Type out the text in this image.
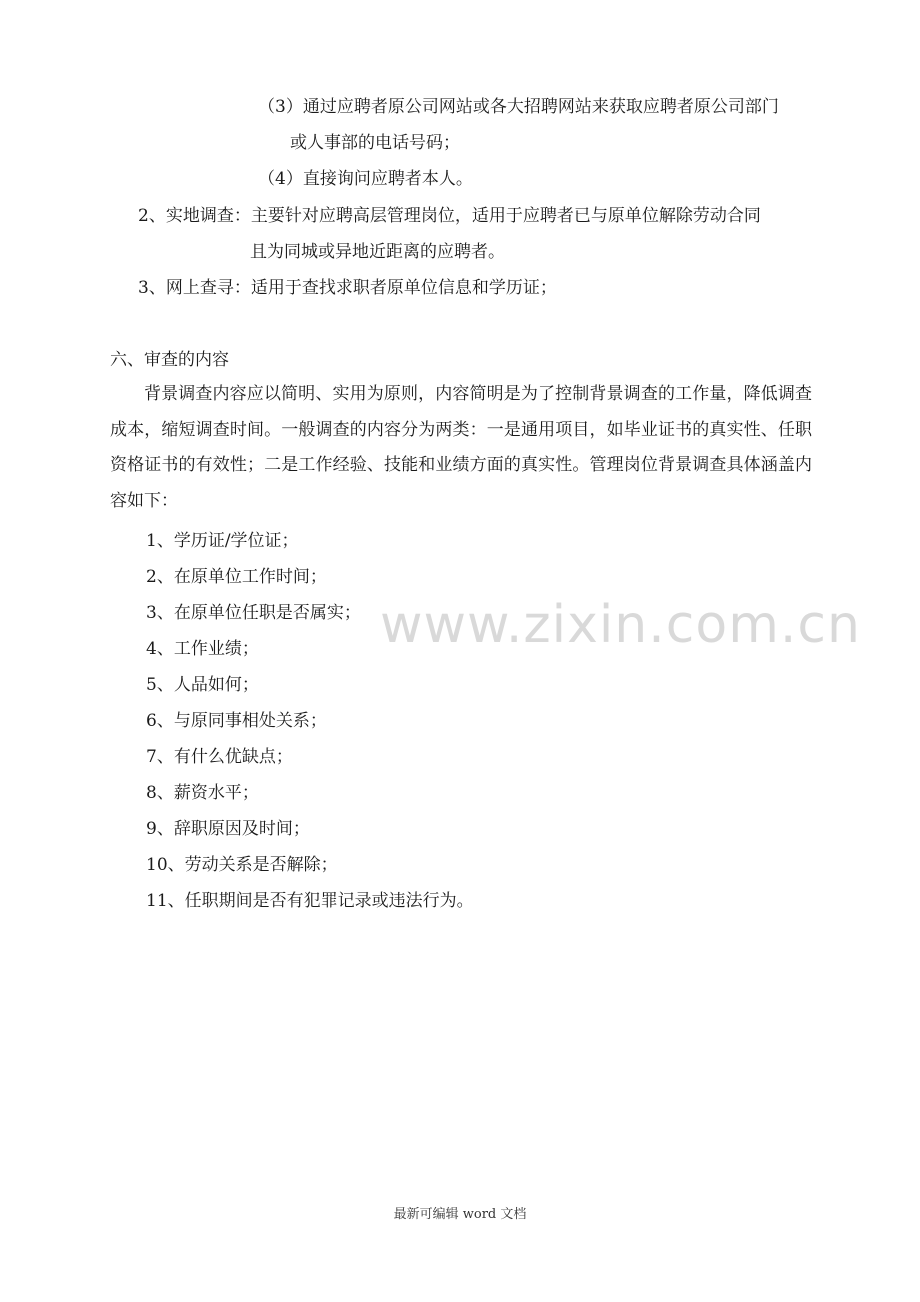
（3）通过应聘者原公司网站或各大招聘网站来获取应聘者原公司部门
或人事部的电话号码；
（4）直接询问应聘者本人。
2、实地调查：主要针对应聘高层管理岗位，适用于应聘者已与原单位解除劳动合同
且为同城或异地近距离的应聘者。
3、网上查寻：适用于查找求职者原单位信息和学历证；
六、审查的内容
背景调查内容应以简明、实用为原则，内容简明是为了控制背景调查的工作量，降低调查成本，缩短调查时间。一般调查的内容分为两类：一是通用项目，如毕业证书的真实性、任职资格证书的有效性；二是工作经验、技能和业绩方面的真实性。管理岗位背景调查具体涵盖内容如下：
1、学历证/学位证；
2、在原单位工作时间；
3、在原单位任职是否属实；
4、工作业绩；
5、人品如何；
6、与原同事相处关系；
7、有什么优缺点；
8、薪资水平；
9、辞职原因及时间；
10、劳动关系是否解除；
11、任职期间是否有犯罪记录或违法行为。
www.zixin.com.cn
最新可编辑 word 文档
